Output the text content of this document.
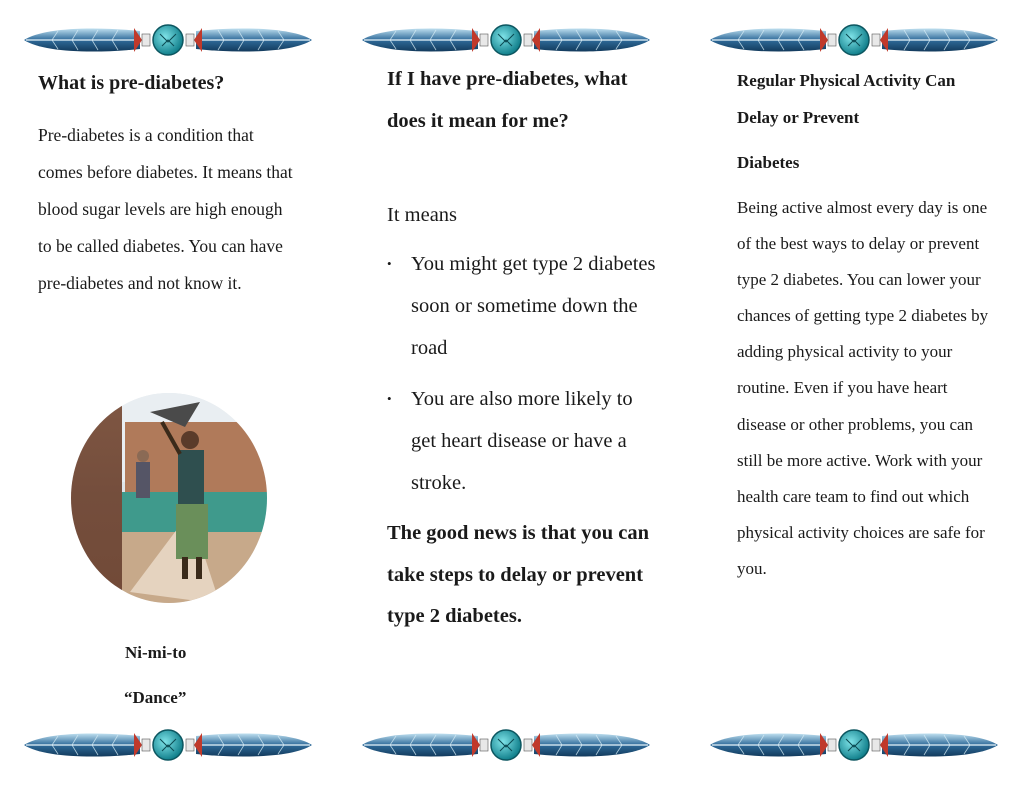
What is pre-diabetes?

Pre-diabetes is a condition that comes before diabetes. It means that blood sugar levels are high enough to be called diabetes. You can have pre-diabetes and not know it.

Ni-mi-to
“Dance”
If I have pre-diabetes, what does it mean for me?
It means
• You might get type 2 diabetes soon or sometime down the road
• You are also more likely to get heart disease or have a stroke.

The good news is that you can take steps to delay or prevent type 2 diabetes.

Regular Physical Activity Can Delay or Prevent
Diabetes

Being active almost every day is one of the best ways to delay or prevent type 2 diabetes. You can lower your chances of getting type 2 diabetes by adding physical activity to your routine. Even if you have heart disease or other problems, you can still be more active. Work with your health care team to find out which physical activity choices are safe for you.
